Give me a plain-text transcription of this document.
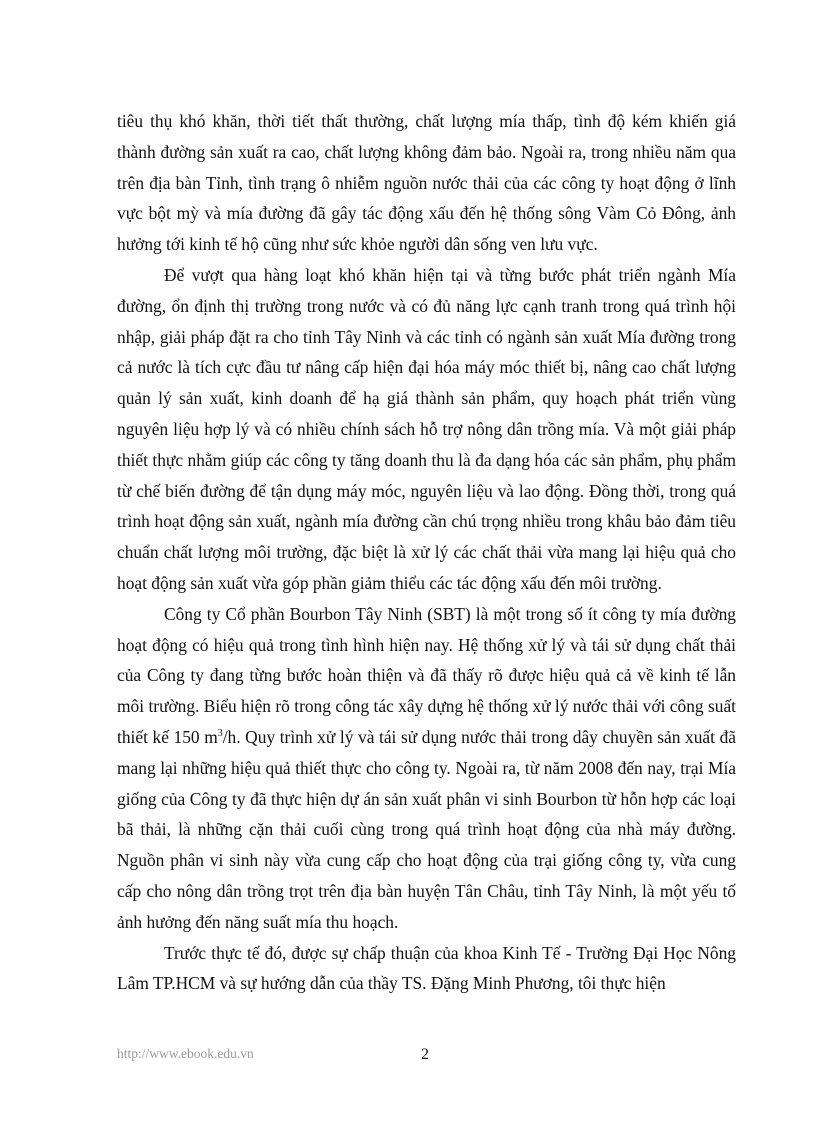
tiêu thụ khó khăn, thời tiết thất thường, chất lượng mía thấp, tình độ kém khiến giá thành đường sản xuất ra cao, chất lượng không đảm bảo. Ngoài ra, trong nhiều năm qua trên địa bàn Tỉnh, tình trạng ô nhiễm nguồn nước thải của các công ty hoạt động ở lĩnh vực bột mỳ và mía đường đã gây tác động xấu đến hệ thống sông Vàm Cỏ Đông, ảnh hưởng tới kinh tế hộ cũng như sức khỏe người dân sống ven lưu vực.

Để vượt qua hàng loạt khó khăn hiện tại và từng bước phát triển ngành Mía đường, ổn định thị trường trong nước và có đủ năng lực cạnh tranh trong quá trình hội nhập, giải pháp đặt ra cho tỉnh Tây Ninh và các tỉnh có ngành sản xuất Mía đường trong cả nước là tích cực đầu tư nâng cấp hiện đại hóa máy móc thiết bị, nâng cao chất lượng quản lý sản xuất, kinh doanh để hạ giá thành sản phẩm, quy hoạch phát triển vùng nguyên liệu hợp lý và có nhiều chính sách hỗ trợ nông dân trồng mía. Và một giải pháp thiết thực nhằm giúp các công ty tăng doanh thu là đa dạng hóa các sản phẩm, phụ phẩm từ chế biến đường để tận dụng máy móc, nguyên liệu và lao động. Đồng thời, trong quá trình hoạt động sản xuất, ngành mía đường cần chú trọng nhiều trong khâu bảo đảm tiêu chuẩn chất lượng môi trường, đặc biệt là xử lý các chất thải vừa mang lại hiệu quả cho hoạt động sản xuất vừa góp phần giảm thiểu các tác động xấu đến môi trường.

Công ty Cổ phần Bourbon Tây Ninh (SBT) là một trong số ít công ty mía đường hoạt động có hiệu quả trong tình hình hiện nay. Hệ thống xử lý và tái sử dụng chất thải của Công ty đang từng bước hoàn thiện và đã thấy rõ được hiệu quả cả về kinh tế lẫn môi trường. Biểu hiện rõ trong công tác xây dựng hệ thống xử lý nước thải với công suất thiết kế 150 $m^3/h$. Quy trình xử lý và tái sử dụng nước thải trong dây chuyền sản xuất đã mang lại những hiệu quả thiết thực cho công ty. Ngoài ra, từ năm 2008 đến nay, trại Mía giống của Công ty đã thực hiện dự án sản xuất phân vi sinh Bourbon từ hỗn hợp các loại bã thải, là những cặn thải cuối cùng trong quá trình hoạt động của nhà máy đường. Nguồn phân vi sinh này vừa cung cấp cho hoạt động của trại giống công ty, vừa cung cấp cho nông dân trồng trọt trên địa bàn huyện Tân Châu, tỉnh Tây Ninh, là một yếu tố ảnh hưởng đến năng suất mía thu hoạch.

Trước thực tế đó, được sự chấp thuận của khoa Kinh Tế - Trường Đại Học Nông Lâm TP.HCM và sự hướng dẫn của thầy TS. Đặng Minh Phương, tôi thực hiện

http://www.ebook.edu.vn	2
